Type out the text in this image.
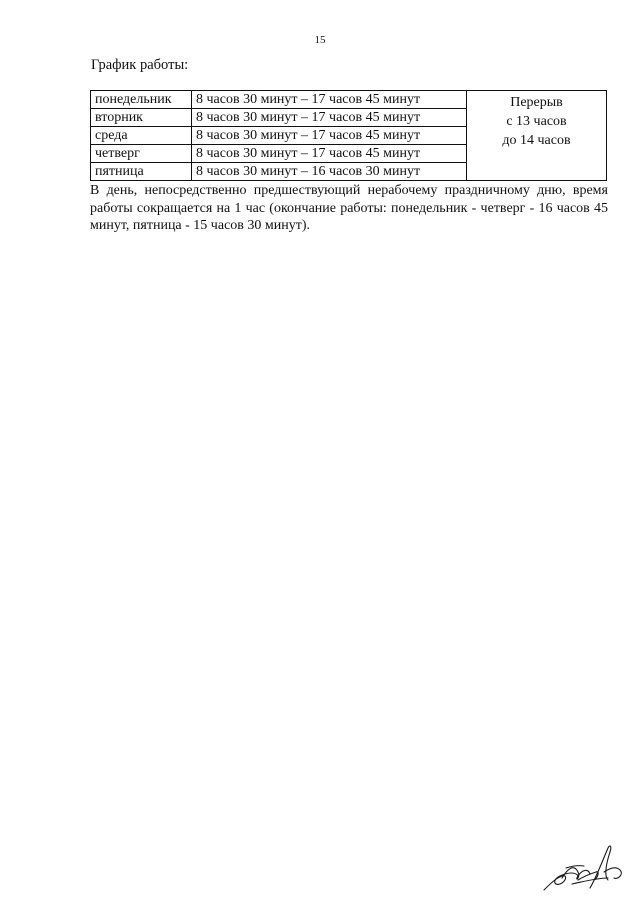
15
График работы:
понедельник	8 часов 30 минут – 17 часов 45 минут	Перерыв
с 13 часов
до 14 часов

вторник	8 часов 30 минут – 17 часов 45 минут	
среда	8 часов 30 минут – 17 часов 45 минут	
четверг	8 часов 30 минут – 17 часов 45 минут	
пятница	8 часов 30 минут – 16 часов 30 минут	
В день, непосредственно предшествующий нерабочему праздничному дню, время работы сокращается на 1 час (окончание работы: понедельник - четверг - 16 часов 45 минут, пятница - 15 часов 30 минут).
